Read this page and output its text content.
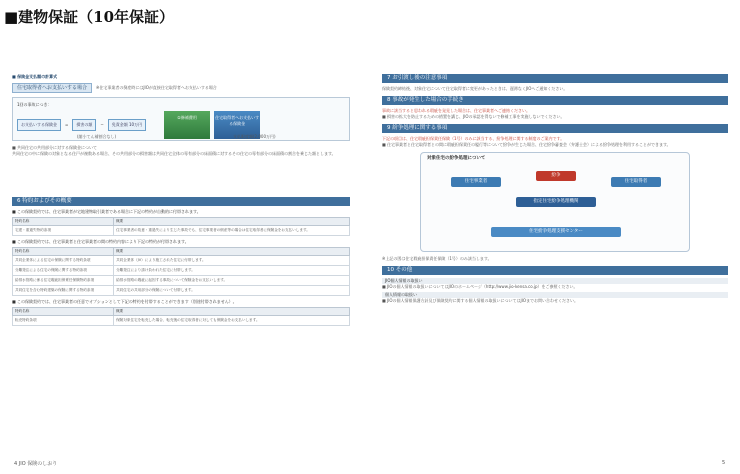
■建物保証（10年保証）
■ 保険金支払額の計算式
住宅取得者へお支払いする場合	※住宅事業者の倒産時にはJIOが直接住宅取得者へお支払いする場合
1回の事故につき：
お支払いする保険金	=	損害の額	−	免責金額 10万円
①修補費用	住宅取得者へお支払いする保険金
(縮小てん補割合なし)	支払限度額(2,000万円)
■ 共同住宅の共用部分に対する保険金について
共同住宅の中に保険の対象となる住戸が複数ある場合、その共用部分の損害額は共同住宅全体の専有部分の床面積に対するその住宅の専有部分の床面積の割合を乗じた額とします。
6 特約およびその概要
■ この保険契約では、住宅事業者が宅地建物取引業者である場合に下記の特約が自動的に付帯されます。
特約名称	概要
宅建・重過失特約条項	住宅事業者の故意・重過失により生じた事故でも、住宅事業者の倒産等の場合は住宅取得者に保険金をお支払いします。
■ この保険契約では、住宅事業者と住宅事業者の間の特約内容により下記の特約が付帯されます。
特約名称	概要
共同企業体による住宅の保険に関する特約条項	共同企業体（JV）により施工された住宅に付帯します。
分離発注による住宅の保険に関する特約条項	分離発注により請け負われた住宅に付帯します。
給排水管路に係る住宅瑕疵担保責任保険特約条項	給排水管路の瑕疵に起因する事故について保険金をお支払いします。
共同住宅を含む特約建築の保険に関する特約条項	共同住宅の共用部分の保険について付帯します。
■ この保険契約では、住宅事業者の任意でオプションとして下記の特約を付帯することができます（別途付帯されません）。
特約名称	概要
転売特約条項	保険対象住宅を転売した場合、転売後の住宅取得者に対しても保険金をお支払いします。
7 お引渡し後の注意事項
保険契約締結後、対象住宅について住宅取得者に変更があったときは、遅滞なくJIOへご通知ください。
8 事故が発生した場合の手続き
事故に該当すると思われる瑕疵を発見した場合は、住宅事業者へご連絡ください。
■ 損害の拡大を防止するための措置を講じ、JIOの承認を得ないで修補工事を実施しないでください。
9 紛争処理に関する事項
下記の項目は、住宅瑕疵担保責任保険（1号）のみに該当する、紛争処理に関する制度のご案内です。
■ 住宅事業者と住宅取得者との間に瑕疵担保責任の履行等について紛争が生じた場合、住宅紛争審査会（弁護士会）による紛争処理を利用することができます。
対象住宅の紛争処理について
住宅事業者	住宅取得者
紛争
指定住宅紛争処理機関
住宅紛争処理支援センター
※上記の図は住宅瑕疵担保責任保険（1号）のみ該当します。
10 その他
JIO個人情報の取扱い
■ JIOの個人情報の取扱いについてはJIOのホームページ（http://www.jio-kensa.co.jp）をご参照ください。
個人情報の取扱い
■ JIOの個人情報保護方針及び保険契約に関する個人情報の取扱いについてはJIOまでお問い合わせください。
4 JIO 保険のしおり	5
